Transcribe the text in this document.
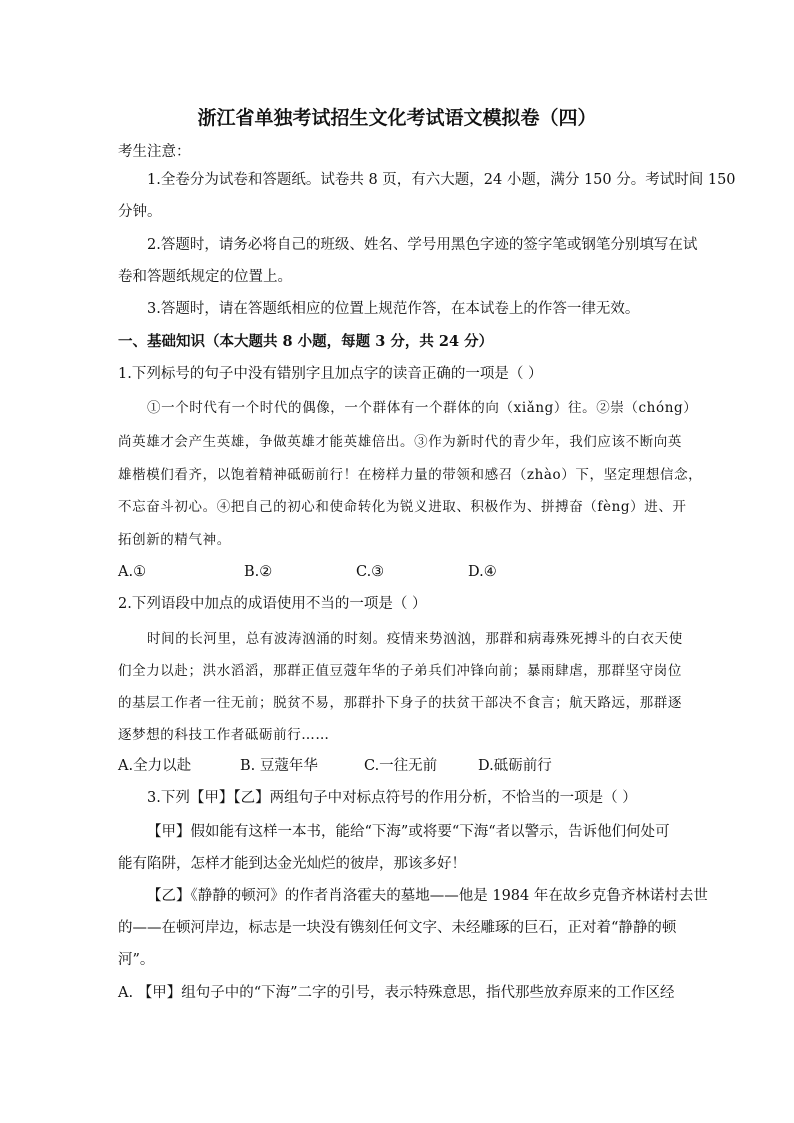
浙江省单独考试招生文化考试语文模拟卷（四）
考生注意：
1.全卷分为试卷和答题纸。试卷共 8 页，有六大题，24 小题，满分 150 分。考试时间 150
分钟。
2.答题时，请务必将自己的班级、姓名、学号用黑色字迹的签字笔或钢笔分别填写在试
卷和答题纸规定的位置上。
3.答题时，请在答题纸相应的位置上规范作答，在本试卷上的作答一律无效。
一、基础知识（本大题共 8 小题，每题 3 分，共 24 分）
1.下列标号的句子中没有错别字且加点字的读音正确的一项是（ ）
①一个时代有一个时代的偶像，一个群体有一个群体的向（xiǎng）往。②崇（chóng）
尚英雄才会产生英雄，争做英雄才能英雄倍出。③作为新时代的青少年，我们应该不断向英
雄楷模们看齐，以饱着精神砥砺前行！在榜样力量的带领和感召（zhào）下，坚定理想信念，
不忘奋斗初心。④把自己的初心和使命转化为锐义进取、积极作为、拼搏奋（fèng）进、开
拓创新的精气神。
A.①	B.②	C.③	D.④
2.下列语段中加点的成语使用不当的一项是（ ）
时间的长河里，总有波涛汹涌的时刻。疫情来势汹汹，那群和病毒殊死搏斗的白衣天使
们全力以赴；洪水滔滔，那群正值豆蔻年华的子弟兵们冲锋向前；暴雨肆虐，那群坚守岗位
的基层工作者一往无前；脱贫不易，那群扑下身子的扶贫干部决不食言；航天路远，那群逐
逐梦想的科技工作者砥砺前行……
A.全力以赴	B. 豆蔻年华	C.一往无前	D.砥砺前行
3.下列【甲】【乙】两组句子中对标点符号的作用分析，不恰当的一项是（ ）
【甲】假如能有这样一本书，能给“下海”或将要“下海“者以警示，告诉他们何处可
能有陷阱，怎样才能到达金光灿烂的彼岸，那该多好！
【乙】《静静的顿河》的作者肖洛霍夫的墓地——他是 1984 年在故乡克鲁齐林诺村去世
的——在顿河岸边，标志是一块没有镌刻任何文字、未经雕琢的巨石，正对着“静静的顿
河”。
A. 【甲】组句子中的“下海”二字的引号，表示特殊意思，指代那些放弃原来的工作区经
